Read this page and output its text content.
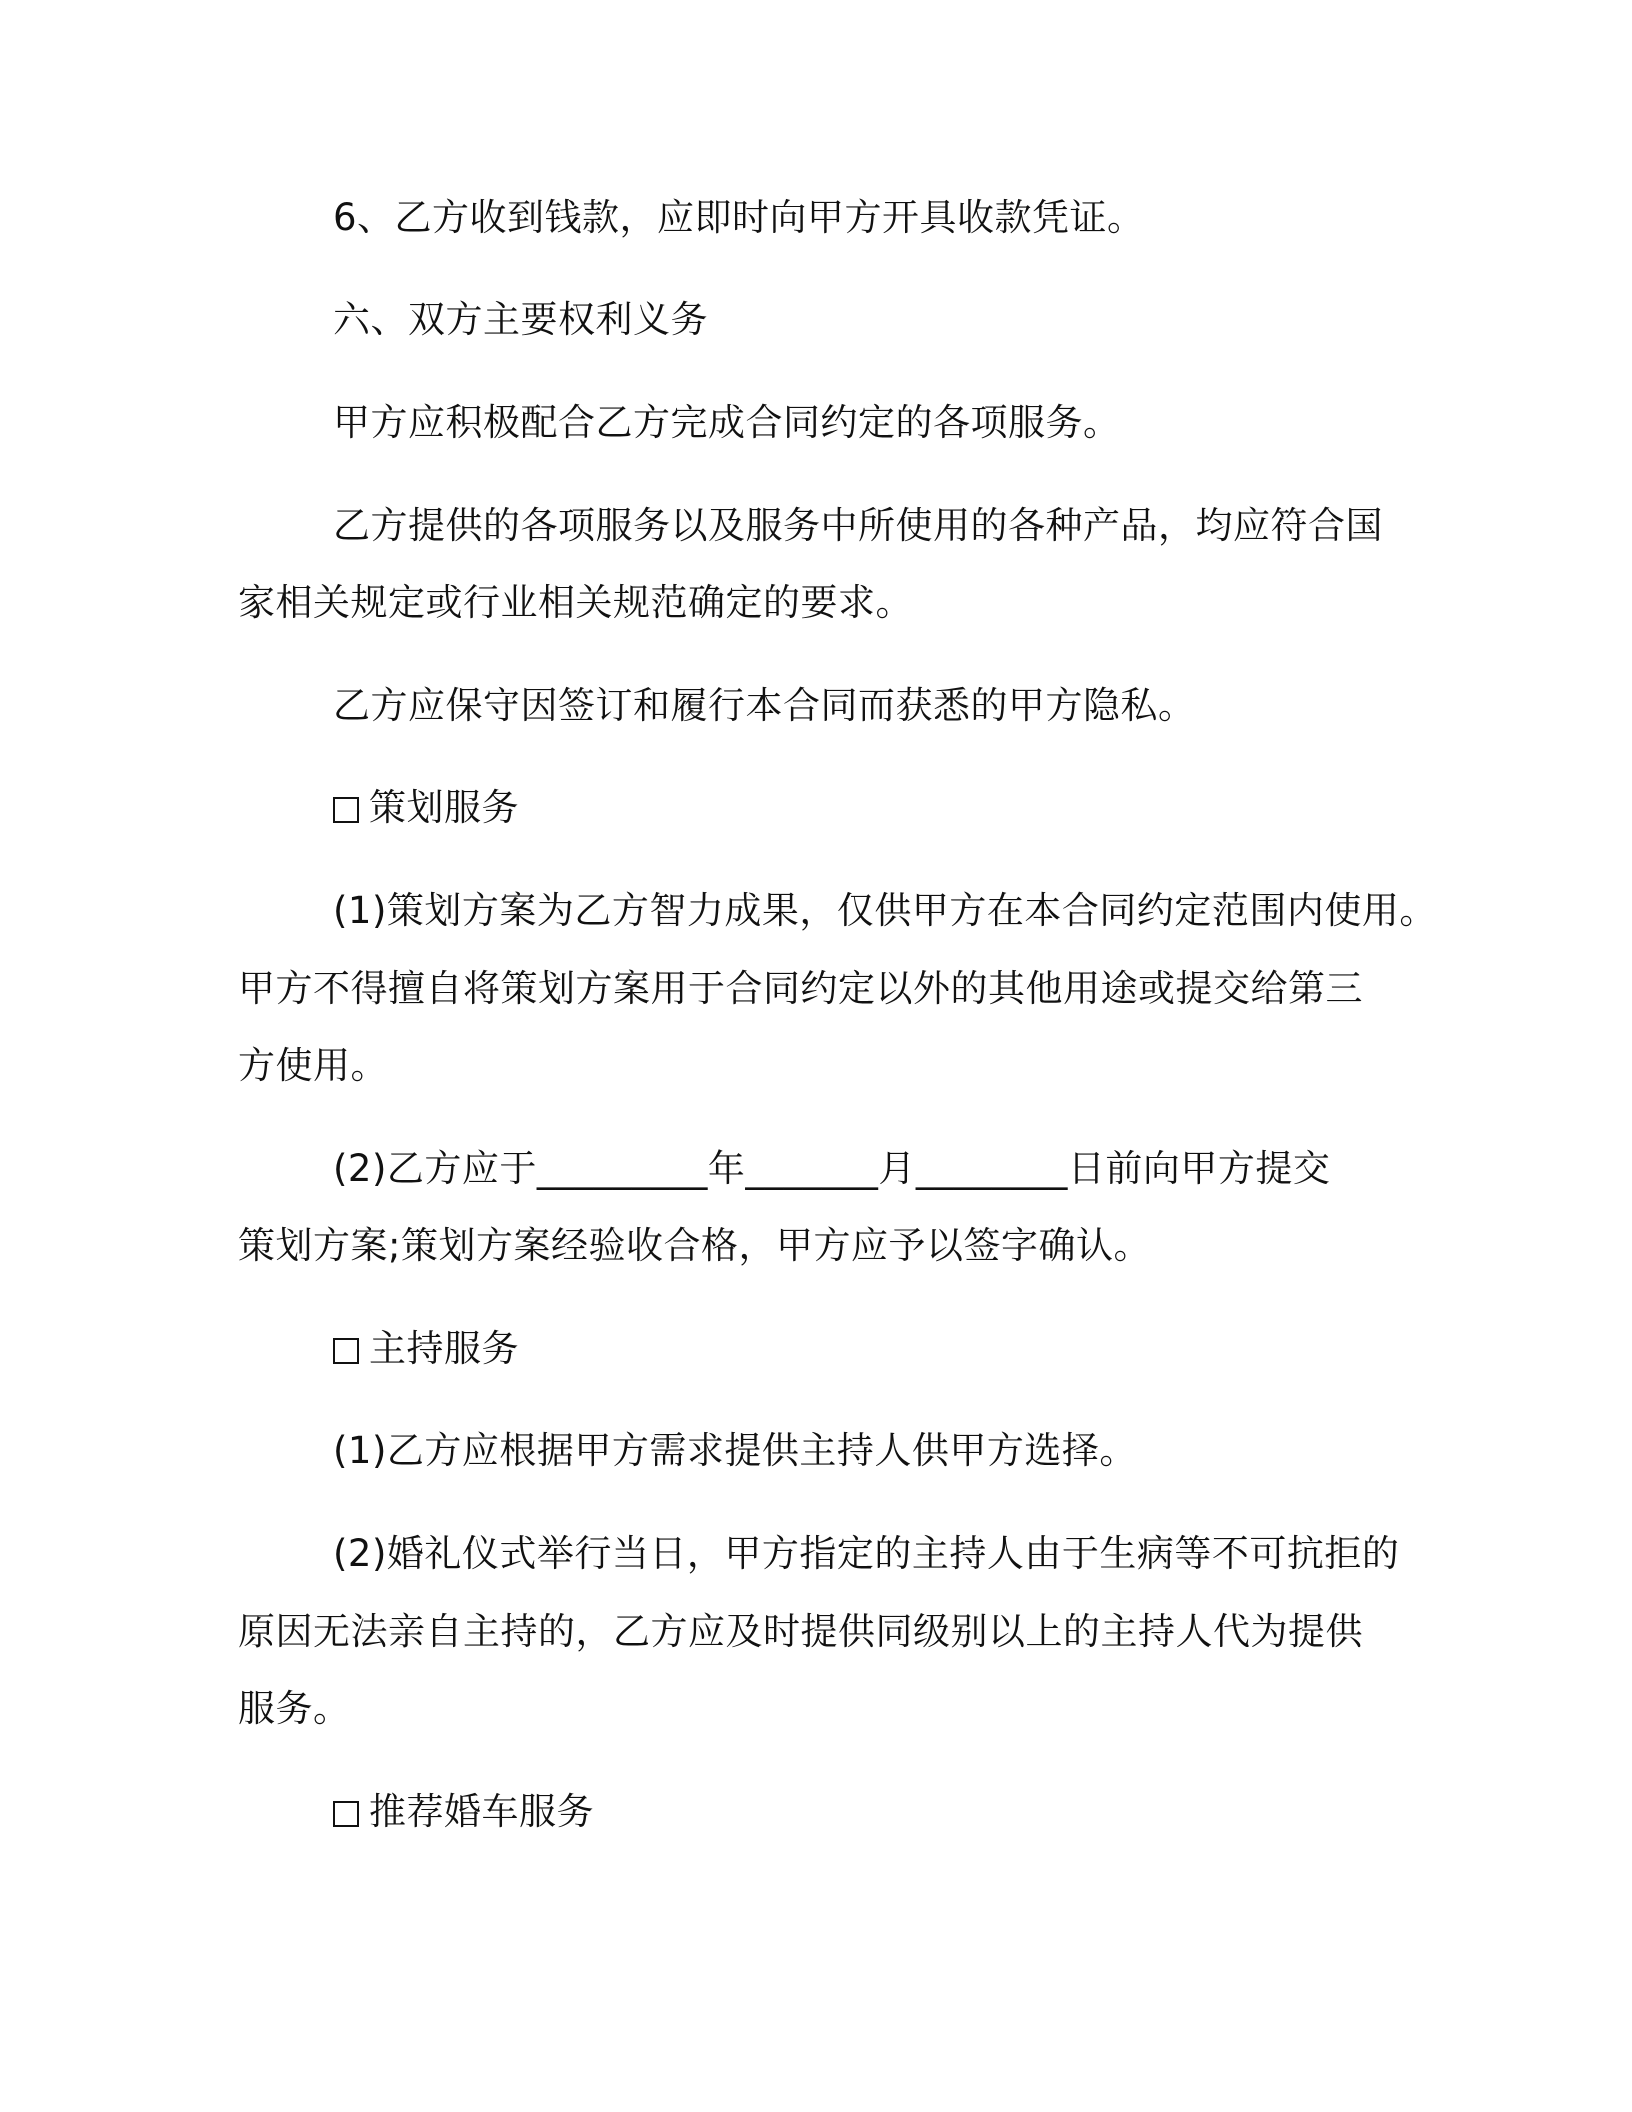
6、乙方收到钱款，应即时向甲方开具收款凭证。
六、双方主要权利义务
甲方应积极配合乙方完成合同约定的各项服务。
乙方提供的各项服务以及服务中所使用的各种产品，均应符合国
家相关规定或行业相关规范确定的要求。
乙方应保守因签订和履行本合同而获悉的甲方隐私。
策划服务
(1)策划方案为乙方智力成果，仅供甲方在本合同约定范围内使用。
甲方不得擅自将策划方案用于合同约定以外的其他用途或提交给第三
方使用。
(2)乙方应于_________年_______月________日前向甲方提交
策划方案;策划方案经验收合格，甲方应予以签字确认。
主持服务
(1)乙方应根据甲方需求提供主持人供甲方选择。
(2)婚礼仪式举行当日，甲方指定的主持人由于生病等不可抗拒的
原因无法亲自主持的，乙方应及时提供同级别以上的主持人代为提供
服务。
推荐婚车服务
